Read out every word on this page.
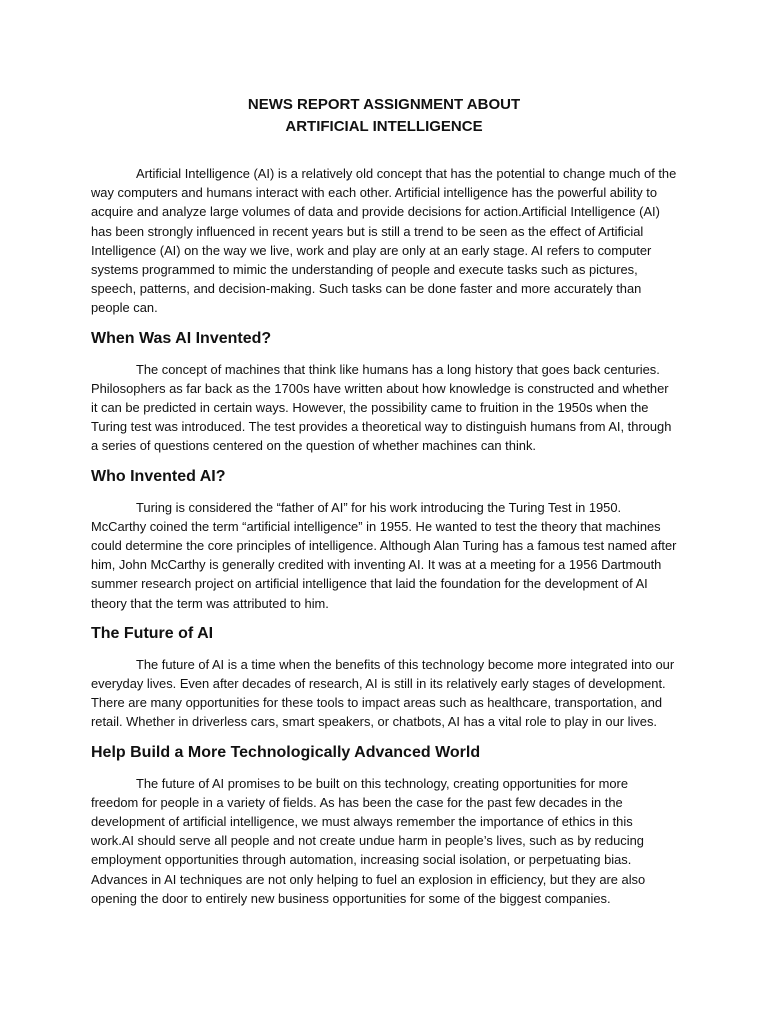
NEWS REPORT ASSIGNMENT ABOUT
ARTIFICIAL INTELLIGENCE

Artificial Intelligence (AI) is a relatively old concept that has the potential to change much of the way computers and humans interact with each other. Artificial intelligence has the powerful ability to acquire and analyze large volumes of data and provide decisions for action.Artificial Intelligence (AI) has been strongly influenced in recent years but is still a trend to be seen as the effect of Artificial Intelligence (AI) on the way we live, work and play are only at an early stage. AI refers to computer systems programmed to mimic the understanding of people and execute tasks such as pictures, speech, patterns, and decision-making. Such tasks can be done faster and more accurately than people can.

When Was AI Invented?

The concept of machines that think like humans has a long history that goes back centuries. Philosophers as far back as the 1700s have written about how knowledge is constructed and whether it can be predicted in certain ways. However, the possibility came to fruition in the 1950s when the Turing test was introduced. The test provides a theoretical way to distinguish humans from AI, through a series of questions centered on the question of whether machines can think.

Who Invented AI?

Turing is considered the “father of AI” for his work introducing the Turing Test in 1950. McCarthy coined the term “artificial intelligence” in 1955. He wanted to test the theory that machines could determine the core principles of intelligence. Although Alan Turing has a famous test named after him, John McCarthy is generally credited with inventing AI. It was at a meeting for a 1956 Dartmouth summer research project on artificial intelligence that laid the foundation for the development of AI theory that the term was attributed to him.

The Future of AI

The future of AI is a time when the benefits of this technology become more integrated into our everyday lives. Even after decades of research, AI is still in its relatively early stages of development. There are many opportunities for these tools to impact areas such as healthcare, transportation, and retail. Whether in driverless cars, smart speakers, or chatbots, AI has a vital role to play in our lives.

Help Build a More Technologically Advanced World

The future of AI promises to be built on this technology, creating opportunities for more freedom for people in a variety of fields. As has been the case for the past few decades in the development of artificial intelligence, we must always remember the importance of ethics in this work.AI should serve all people and not create undue harm in people’s lives, such as by reducing employment opportunities through automation, increasing social isolation, or perpetuating bias. Advances in AI techniques are not only helping to fuel an explosion in efficiency, but they are also opening the door to entirely new business opportunities for some of the biggest companies.
